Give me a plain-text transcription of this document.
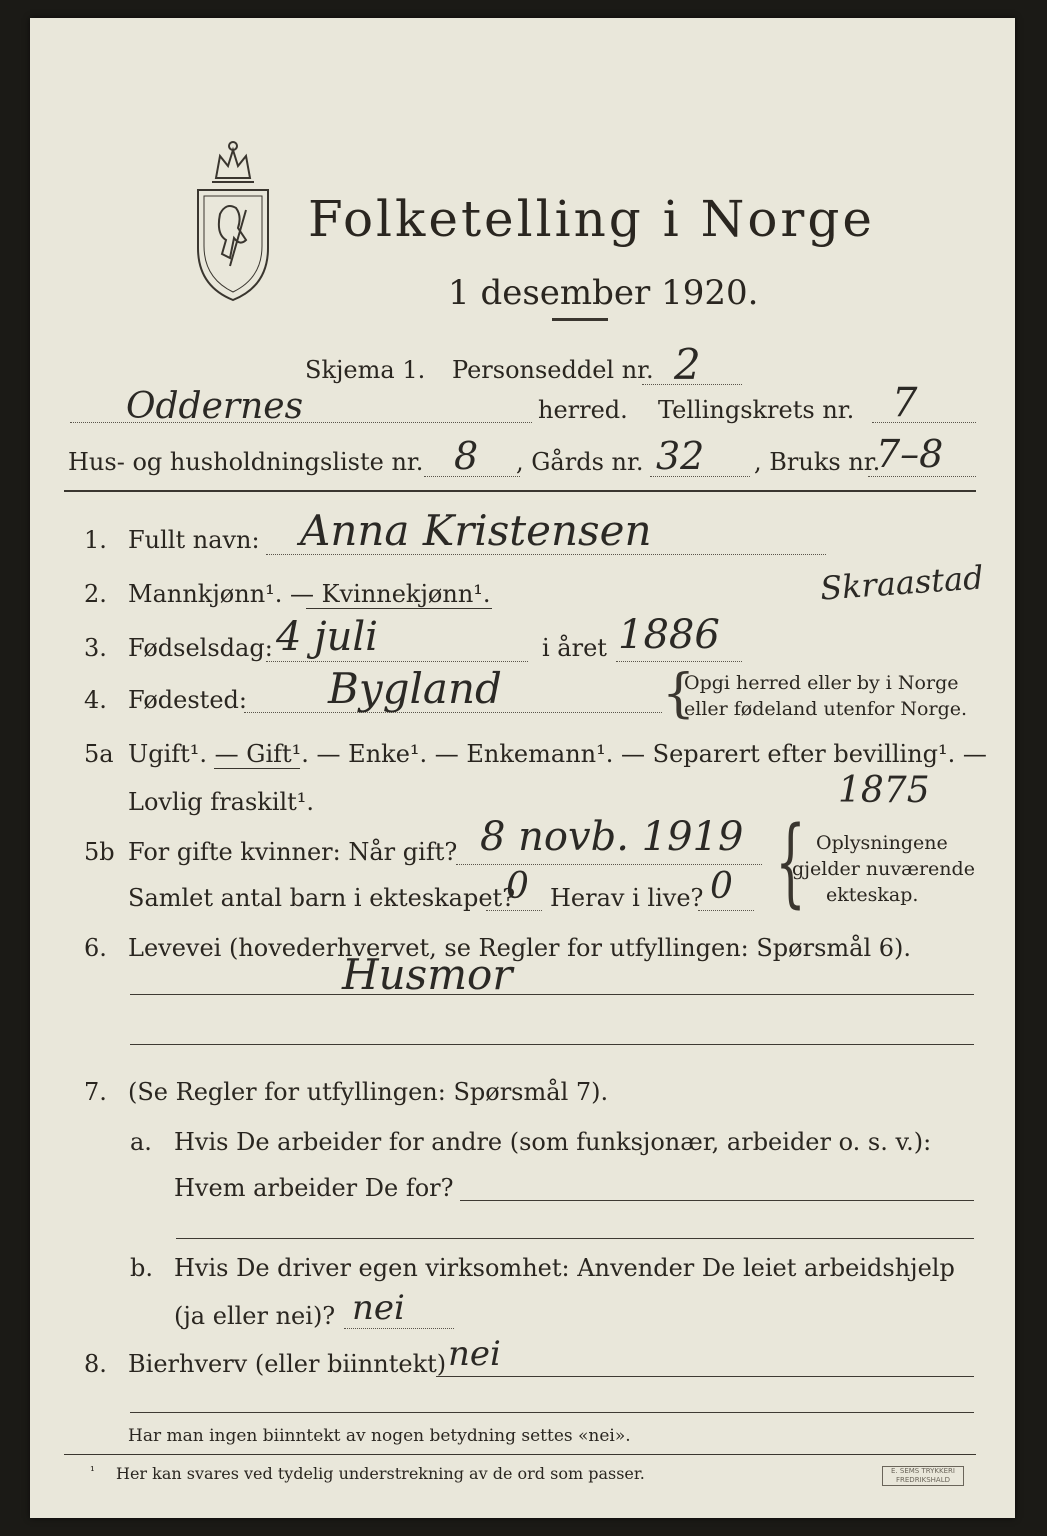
Folketelling i Norge
1 desember 1920.
Skjema 1. Personseddel nr. 2
Oddernes	herred. Tellingskrets nr. 7
Hus- og husholdningsliste nr. 8 , Gårds nr. 32 , Bruks nr.
7–8
1. Fullt navn: Anna Kristensen
Skraastad
2. Mannkjønn¹. — Kvinnekjønn¹.
3. Fødselsdag: 4 juli	i året 1886
4. Fødested: Bygland	{
Opgi herred eller by i Norge
eller fødeland utenfor Norge.
5a Ugift¹. — Gift¹. — Enke¹. — Enkemann¹. — Separert efter bevilling¹. —
Lovlig fraskilt¹.	1875
5b For gifte kvinner: Når gift? 8 novb. 1919
Samlet antal barn i ekteskapet?
0 Herav i live? 0 { Oplysningene
gjelder nuværende
ekteskap.
6. Levevei (hovederhvervet, se Regler for utfyllingen: Spørsmål 6).
Husmor
7. (Se Regler for utfyllingen: Spørsmål 7).
a. Hvis De arbeider for andre (som funksjonær, arbeider o. s. v.):
Hvem arbeider De for?
b. Hvis De driver egen virksomhet: Anvender De leiet arbeidshjelp
(ja eller nei)? nei
8. Bierhverv (eller biinntekt) nei
Har man ingen biinntekt av nogen betydning settes «nei».
¹ Her kan svares ved tydelig understrekning av de ord som passer.	E. SEMS TRYKKERI FREDRIKSHALD
